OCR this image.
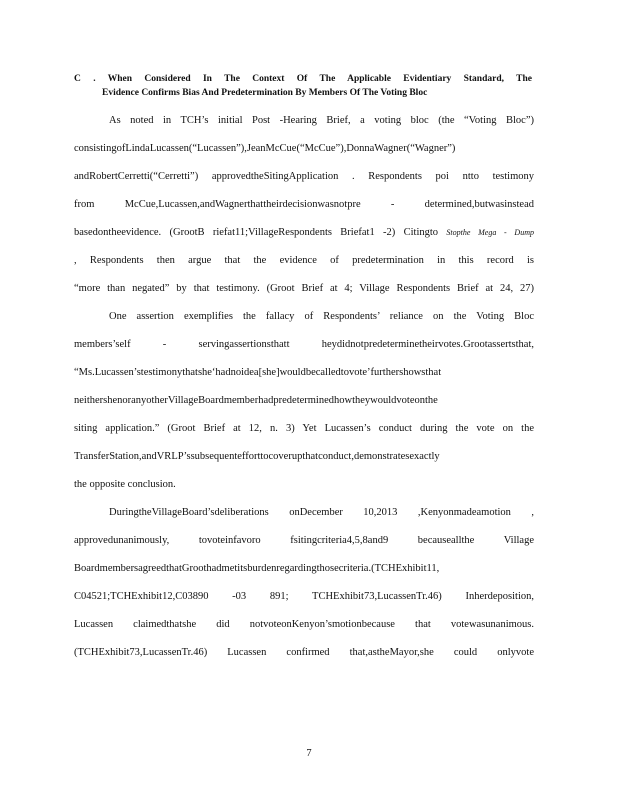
C . When Considered In The Context Of The Applicable Evidentiary Standard, The
Evidence Confirms Bias And Predetermination By Members Of The Voting Bloc
As noted in TCH’s initial Post -Hearing Brief, a voting bloc (the “Voting Bloc”)
consistingofLindaLucassen(“Lucassen”),JeanMcCue(“McCue”),DonnaWagner(“Wagner”)
andRobertCerretti(“Cerretti”) approvedtheSitingApplication . Respondents poi ntto testimony
from McCue,Lucassen,andWagnerthattheirdecisionwasnotpre - determined,butwasinstead
basedontheevidence. (GrootB riefat11;VillageRespondents Briefat1 -2) Citingto Stopthe Mega - Dump
, Respondents then argue that the evidence of predetermination in this record is
“more than negated” by that testimony. (Groot Brief at 4; Village Respondents Brief at 24, 27)
One assertion exemplifies the fallacy of Respondents’ reliance on the Voting Bloc
members’self - servingassertionsthatt heydidnotpredeterminetheirvotes.Grootassertsthat,
“Ms.Lucassen’stestimonythatshe‘hadnoidea[she]wouldbecalledtovote’furthershowsthat
neithershenoranyotherVillageBoardmemberhadpredeterminedhowtheywouldvoteonthe
siting application.” (Groot Brief at 12, n. 3) Yet Lucassen’s conduct during the vote on the
TransferStation,andVRLP’ssubsequentefforttocoverupthatconduct,demonstratesexactly
the opposite conclusion.
DuringtheVillageBoard’sdeliberations onDecember 10,2013 ,Kenyonmadeamotion ,
approvedunanimously, tovoteinfavoro fsitingcriteria4,5,8and9 becauseallthe Village
BoardmembersagreedthatGroothadmetitsburdenregardingthosecriteria.(TCHExhibit11,
C04521;TCHExhibit12,C03890 -03 891; TCHExhibit73,LucassenTr.46) Inherdeposition,
Lucassen claimedthatshe did notvoteonKenyon’smotionbecause that votewasunanimous.
(TCHExhibit73,LucassenTr.46) Lucassen confirmed that,astheMayor,she could onlyvote
7
